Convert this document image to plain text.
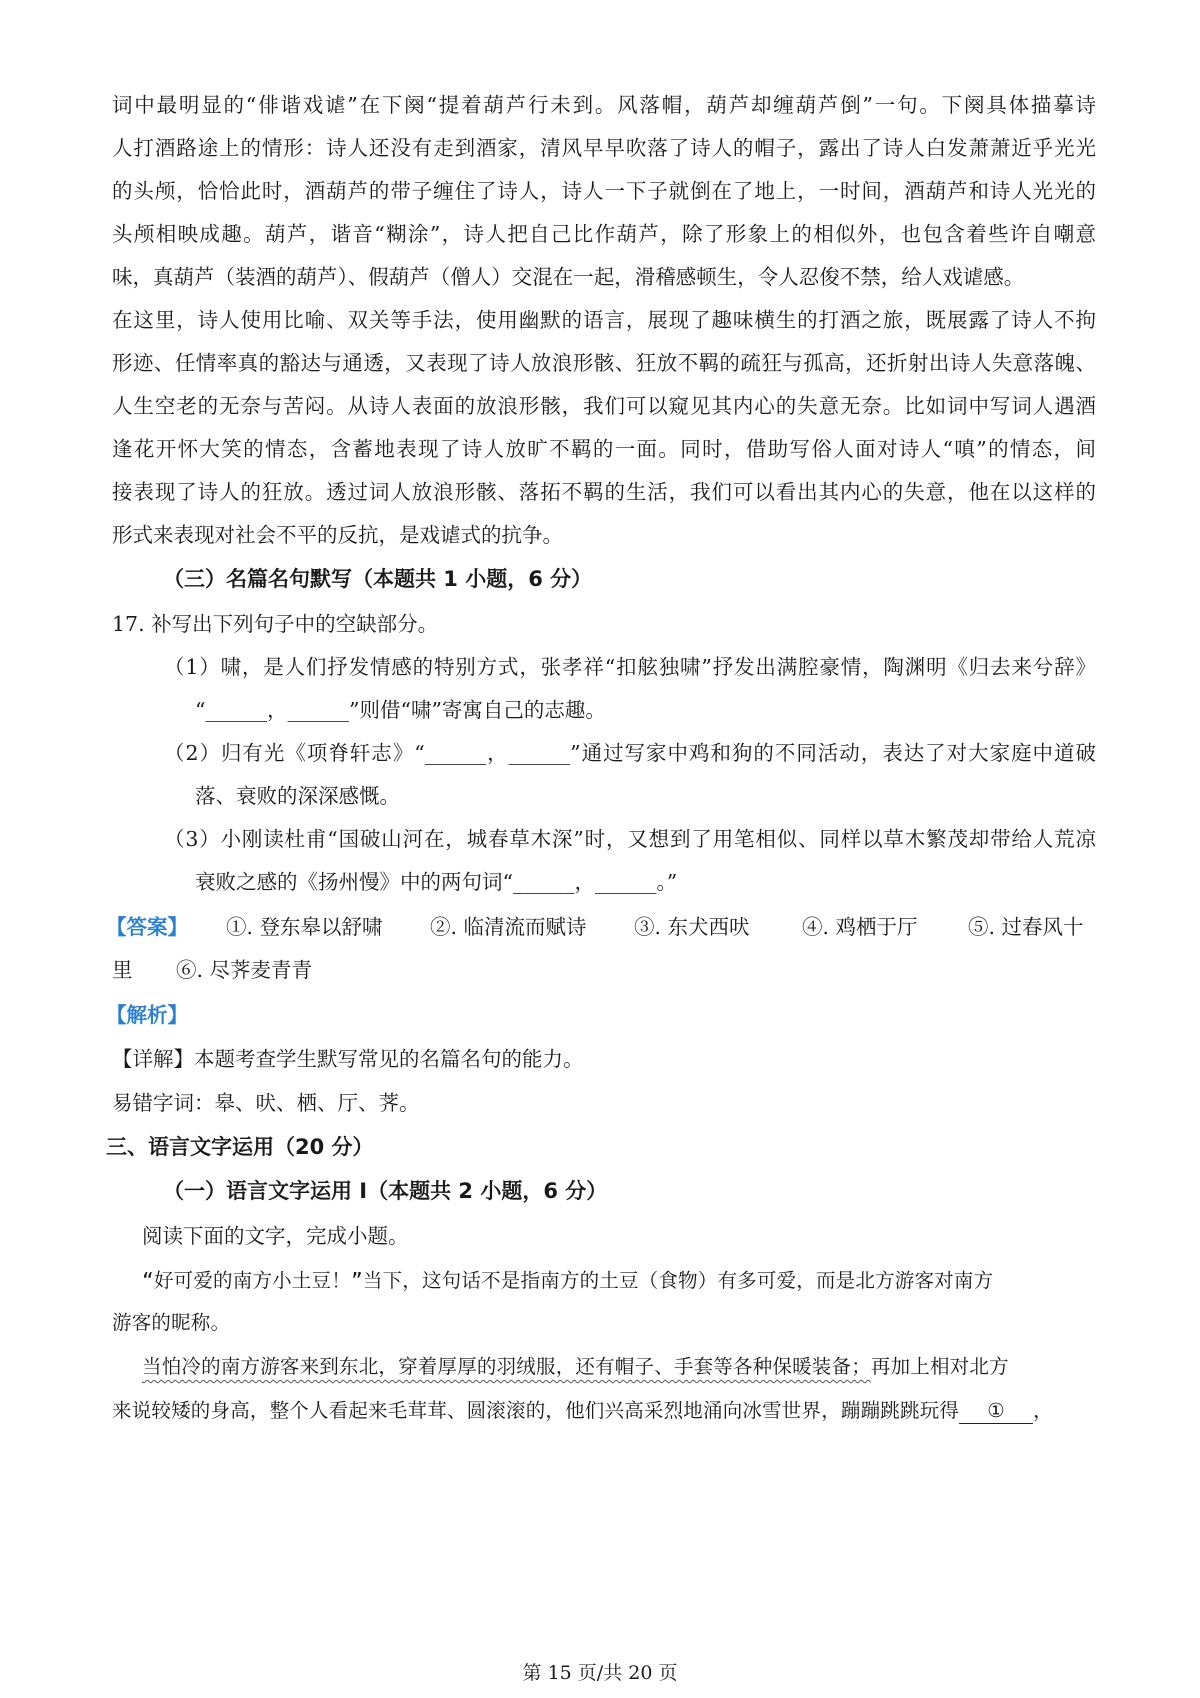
词中最明显的“俳谐戏谑”在下阕“提着葫芦行未到。风落帽，葫芦却缠葫芦倒”一句。下阕具体描摹诗
人打酒路途上的情形：诗人还没有走到酒家，清风早早吹落了诗人的帽子，露出了诗人白发萧萧近乎光光
的头颅，恰恰此时，酒葫芦的带子缠住了诗人，诗人一下子就倒在了地上，一时间，酒葫芦和诗人光光的
头颅相映成趣。葫芦，谐音“糊涂”，诗人把自己比作葫芦，除了形象上的相似外，也包含着些许自嘲意
味，真葫芦（装酒的葫芦）、假葫芦（僧人）交混在一起，滑稽感顿生，令人忍俊不禁，给人戏谑感。
在这里，诗人使用比喻、双关等手法，使用幽默的语言，展现了趣味横生的打酒之旅，既展露了诗人不拘
形迹、任情率真的豁达与通透，又表现了诗人放浪形骸、狂放不羁的疏狂与孤高，还折射出诗人失意落魄、
人生空老的无奈与苦闷。从诗人表面的放浪形骸，我们可以窥见其内心的失意无奈。比如词中写词人遇酒
逢花开怀大笑的情态，含蓄地表现了诗人放旷不羁的一面。同时，借助写俗人面对诗人“嗔”的情态，间
接表现了诗人的狂放。透过词人放浪形骸、落拓不羁的生活，我们可以看出其内心的失意，他在以这样的
形式来表现对社会不平的反抗，是戏谑式的抗争。
（三）名篇名句默写（本题共 1 小题，6 分）
17. 补写出下列句子中的空缺部分。
（1）啸，是人们抒发情感的特别方式，张孝祥“扣舷独啸”抒发出满腔豪情，陶渊明《归去来兮辞》
“______，______”则借“啸”寄寓自己的志趣。
（2）归有光《项脊轩志》“______，______”通过写家中鸡和狗的不同活动，表达了对大家庭中道破
落、衰败的深深感慨。
（3）小刚读杜甫“国破山河在，城春草木深”时，又想到了用笔相似、同样以草木繁茂却带给人荒凉
衰败之感的《扬州慢》中的两句词“______，______。”
【答案】 ①. 登东皋以舒啸 ②. 临清流而赋诗 ③. 东犬西吠	④. 鸡栖于厅 ⑤. 过春风十
里 ⑥. 尽荠麦青青
【解析】
【详解】本题考查学生默写常见的名篇名句的能力。
易错字词：皋、吠、栖、厅、荠。
三、语言文字运用（20 分）
（一）语言文字运用 Ⅰ（本题共 2 小题，6 分）
阅读下面的文字，完成小题。
“好可爱的南方小土豆！”当下，这句话不是指南方的土豆（食物）有多可爱，而是北方游客对南方
游客的昵称。
当怕冷的南方游客来到东北，穿着厚厚的羽绒服，还有帽子、手套等各种保暖装备；再加上相对北方
来说较矮的身高，整个人看起来毛茸茸、圆滚滚的，他们兴高采烈地涌向冰雪世界，蹦蹦跳跳玩得 ① ，
第 15 页/共 20 页
